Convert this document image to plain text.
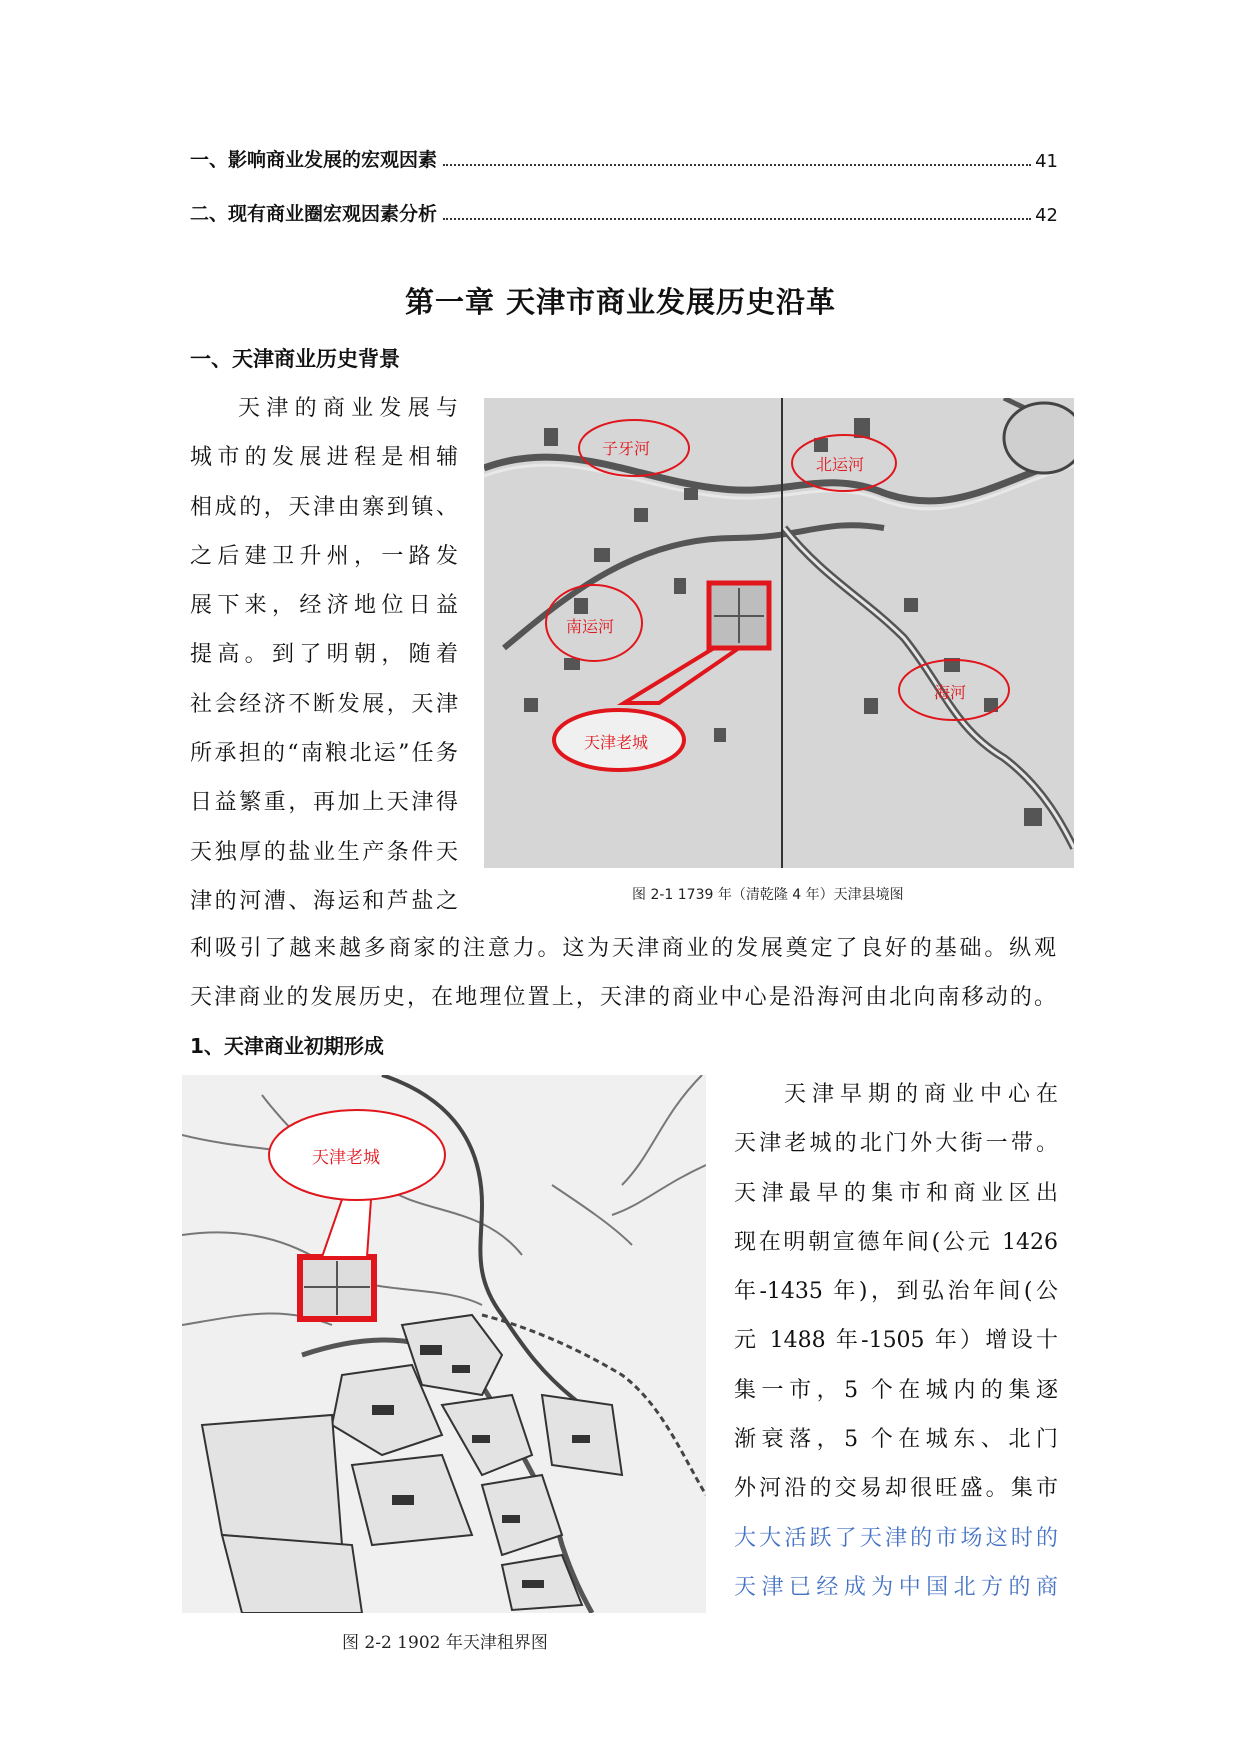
一、影响商业发展的宏观因素	41
二、现有商业圈宏观因素分析	42
第一章 天津市商业发展历史沿革
一、天津商业历史背景
天津的商业发展与
城市的发展进程是相辅
相成的，天津由寨到镇、
之后建卫升州，一路发
展下来，经济地位日益
提高。到了明朝，随着
社会经济不断发展，天津
所承担的“南粮北运”任务
日益繁重，再加上天津得
天独厚的盐业生产条件天
津的河漕、海运和芦盐之
子牙河
北运河
南运河
海河
天津老城
图 2-1 1739 年（清乾隆 4 年）天津县境图
利吸引了越来越多商家的注意力。这为天津商业的发展奠定了良好的基础。纵观
天津商业的发展历史，在地理位置上，天津的商业中心是沿海河由北向南移动的。
1、天津商业初期形成
天津老城
图 2-2 1902 年天津租界图
天津早期的商业中心在
天津老城的北门外大街一带。
天津最早的集市和商业区出
现在明朝宣德年间(公元 1426
年-1435 年)，到弘治年间(公
元 1488 年-1505 年）增设十
集一市，5 个在城内的集逐
渐衰落，5 个在城东、北门
外河沿的交易却很旺盛。集市
大大活跃了天津的市场这时的
天津已经成为中国北方的商
